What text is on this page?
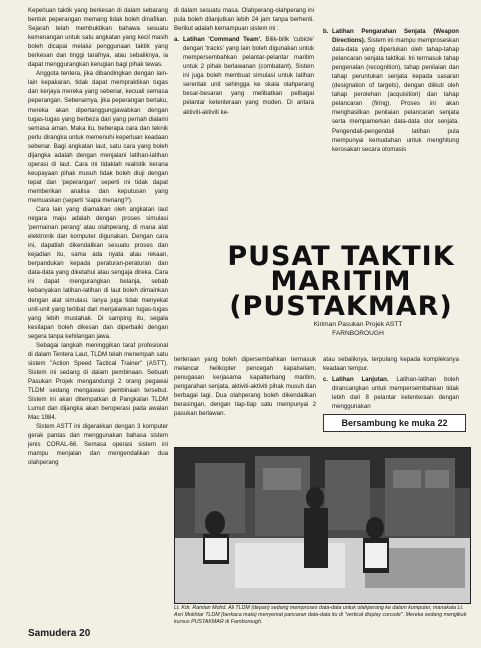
Keperluan taktik yang berkesan di dalam sebarang bentuk peperangan memang tidak boleh dinafikan. Sejarah telah membuktikan bahawa sesuatu kemenangan untuk satu angkatan yang kecil masih boleh dicapai melalui penggunaan taktik yang berkesan dan tinggi tarafnya, atau sebaliknya, ia dapat menggurangkan kerugian bagi pihak tewas.

Anggota tentera, jika dibandingkan dengan lain-lain kepakaran, tidak dapat mempraktikan tugas dan kerjaya mereka yang sebenar, kecuali semasa peperangan. Sebenarnya, jika peperangan berlaku, mereka akan dipertanggungjawabkan dengan tugas-tugas yang berbeza dari yang pernah dialami semasa aman. Maka itu, beberapa cara dan teknik perlu dirangka untuk memenuhi keperluan keadaan sebenar. Bagi angkatan laut, satu cara yang boleh dijangka adalah dengan menjalani latihan-latihan operasi di laut. Cara ini tidaklah realistik kerana keupayaan pihak musuh tidak boleh diuji dengan tepat dan 'peperangan' seperti ini tidak dapat memberikan analisa dan keputusan yang memuaskan (seperti 'siapa menang?').

Cara lain yang diamalkan oleh angkatan laut negara maju adalah dengan proses simulasi 'permainan perang' atau olahperang, di mana alat elektronik dan komputer digunakan. Dengan cara ini, dapatlah dikendalikan sesuatu proses dan kejadian itu, sama ada nyata atau rekaan, berpandukan kepada peraturan-peraturan dan data-data yang diketahui atau sengaja direka. Cara ini dapat mengurangkan belanja, sebab kebanyakan latihan-latihan di laut boleh dimainkan dengan alat simulasi. Ianya juga tidak menyekat unit-unit yang terlibat dari menjalankan tugas-tugas yang lebih mustahak. Di samping itu, segala kesilapan boleh dikesan dan diperbaiki dengan segera tanpa kehilangan jawa.

Sebagai langkah meninggikan taraf profesional di dalam Tentera Laut, TLDM telah menempah satu sistem "Action Speed Tactical Trainer" (ASTT). Sistem ini sedang di dalam pembinaan. Sebuah Pasukan Projek mengandungi 2 orang pegawai TLDM sedang mengawasi pembinaan tersebut. Sistem ini akan ditempatkan di Pangkalan TLDM Lumut dan dijangka akan beroperasi pada awalan Mac 1984.

Sistem ASTT ini digerakkan dengan 3 komputer gerak pantas dan menggunakan bahasa sistem jenis CORAL-66. Semasa operasi sistem ini mampu menjalan dan mengendalikan dua olahperang

di dalam sesuatu masa. Olahperang-olahperang ini pula boleh dilanjutkan lebih 24 jam tanpa berhenti. Berikut adalah kemampuan sistem ini :

a. Latihan 'Command Team'. Bilik-bilik 'cubicle' dengan 'tracks' yang lain boleh digunakan untuk mempersembahkan pelantar-pelantar maritim untuk 2 pihak berlawanan (combatant). Sistem ini juga boleh membuat simulasi untuk latihan serentak unit sehingga ke skala olahperang besar-besaran yang melibatkan pelbagai pelantar ketenteraan yang moden. Di antara aktiviti-aktiviti ke-

b. Latihan Pengarahan Senjata (Weapon Directions). Sistem ini mampu memproseskan data-data yang diperlukan oleh tahap-tahap pelancaran senjata taktikal. Ini termasuk tahap pengenalan (recognition), tahap penilaian dan tahap peruntukan senjata kepada sasaran (designation of targets), dengan diikuti oleh tahap perolehan (acquisition) dan tahap pelancaran (firing). Proses ini akan menghasilkan penilaian pelancaran senjata serta mempamerkan data-data stor senjata. Pengendali-pengendali latihan pula mempunyai kemudahan untuk menghitung kerosakan secara otomasis

PUSAT TAKTIK
MARITIM
(PUSTAKMAR)
Kiriman Pasukan Projek ASTT
FARNBOROUGH

tenteraan yang boleh dipersembahkan termasuk melancar helikopter pencegah kapalselam, penugasan kerjasama kapalterbang maritim, pengarahan senjata, aktiviti-aktiviti pihak musuh dan berbagai lagi. Dua olahperang boleh dikendalikan berasingan, dengan tiap-tiap satu mempunyai 2 pasukan berlawan.

atau sebaliknya, terpulang kepada kompleksnya keadaan tempur.

c. Latihan Lanjutan. Latihan-latihan boleh dirancangkan untuk mempersembahkan tidak lebih dari 8 pelantar ketenteraan dengan menggunakan

Bersambung ke muka 22
Lt. Kdr. Ramlan Mohd. Ali TLDM (depan) sedang memproses data-data untuk olahperang ke dalam komputer, manakala Lt. Asri Mokhtar TLDM (berkaca mata) menyemat pancaran data-data itu di "vertical display console". Mereka sedang mengikuti kursus PUSTAKMAR di Farnborough.
Samudera 20
